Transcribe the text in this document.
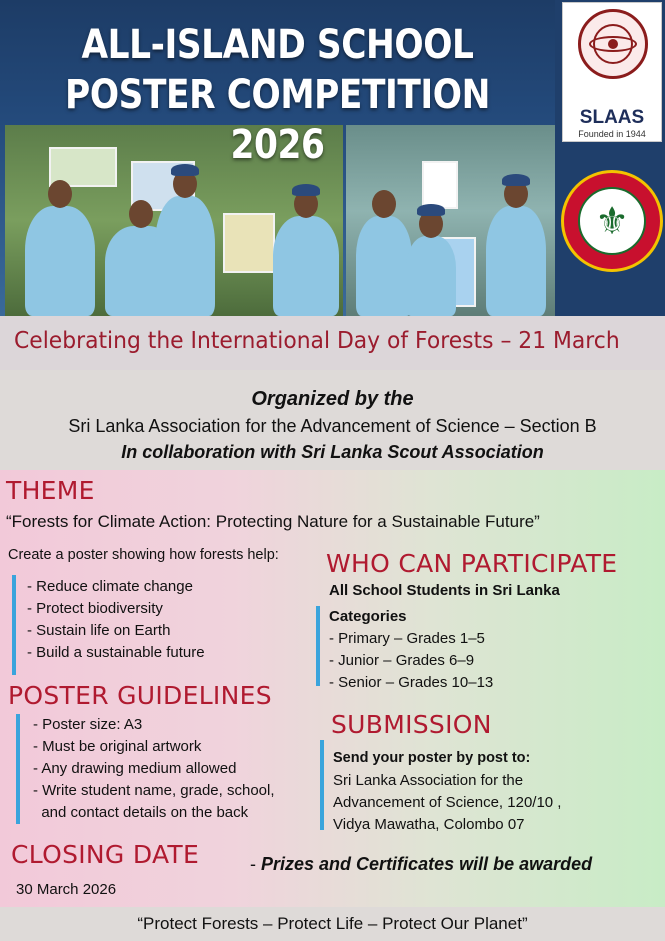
ALL-ISLAND SCHOOL
POSTER COMPETITION 2026
SLAAS
Founded in 1944
⚜
Celebrating the International Day of Forests – 21 March
Organized by the
Sri Lanka Association for the Advancement of Science – Section B
In collaboration with Sri Lanka Scout Association
THEME
“Forests for Climate Action: Protecting Nature for a Sustainable Future”
Create a poster showing how forests help:
- Reduce climate change
- Protect biodiversity
- Sustain life on Earth
- Build a sustainable future
POSTER GUIDELINES
- Poster size: A3
- Must be original artwork
- Any drawing medium allowed
- Write student name, grade, school,
and contact details on the back
CLOSING DATE
30 March 2026
WHO CAN PARTICIPATE
All School Students in Sri Lanka
Categories
- Primary – Grades 1–5
- Junior – Grades 6–9
- Senior – Grades 10–13
SUBMISSION
Send your poster by post to:
Sri Lanka Association for the
Advancement of Science, 120/10 ,
Vidya Mawatha, Colombo 07
- Prizes and Certificates will be awarded
“Protect Forests – Protect Life – Protect Our Planet”
